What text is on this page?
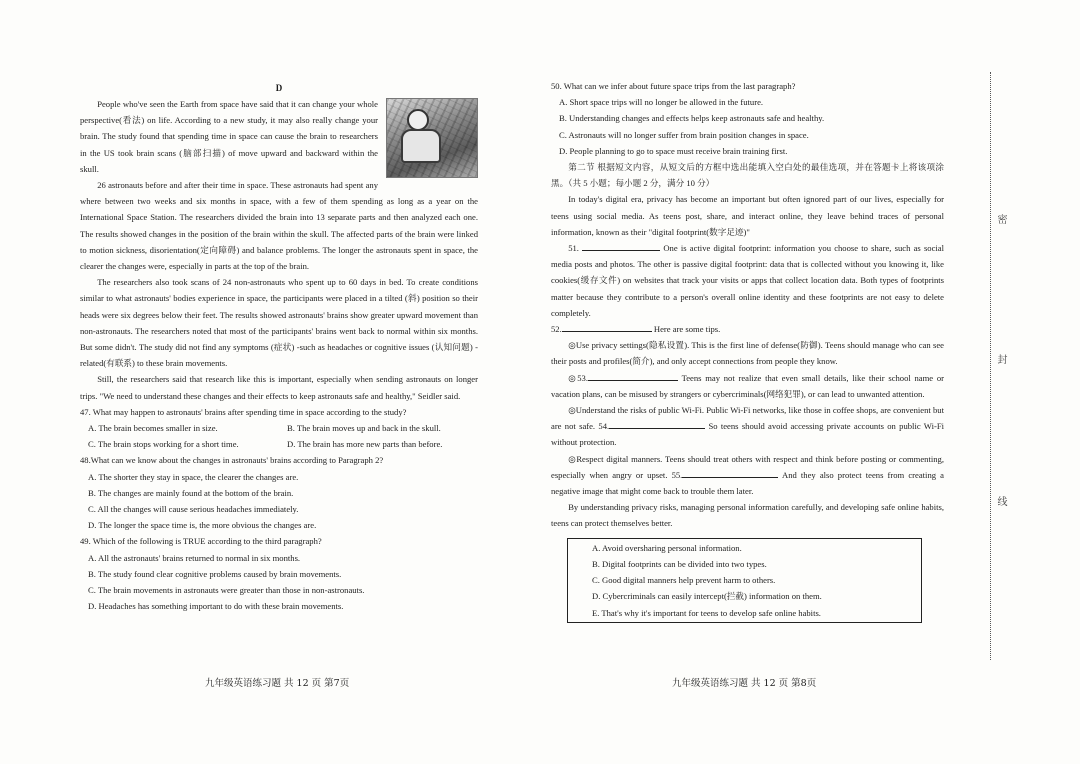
D

People who've seen the Earth from space have said that it can change your whole perspective(看法) on life. According to a new study, it may also really change your brain. The study found that spending time in space can cause the brain to researchers in the US took brain scans (脑部扫描) of move upward and backward within the skull.

26 astronauts before and after their time in space. These astronauts had spent any where between two weeks and six months in space, with a few of them spending as long as a year on the International Space Station. The researchers divided the brain into 13 separate parts and then analyzed each one. The results showed changes in the position of the brain within the skull. The affected parts of the brain were linked to motion sickness, disorientation(定向障碍) and balance problems. The longer the astronauts spent in space, the clearer the changes were, especially in parts at the top of the brain.

The researchers also took scans of 24 non-astronauts who spent up to 60 days in bed. To create conditions similar to what astronauts' bodies experience in space, the participants were placed in a tilted (斜) position so their heads were six degrees below their feet. The results showed astronauts' brains show greater upward movement than non-astronauts. The researchers noted that most of the participants' brains went back to normal within six months. But some didn't. The study did not find any symptoms (症状) -such as headaches or cognitive issues (认知问题) -related(有联系) to these brain movements.

Still, the researchers said that research like this is important, especially when sending astronauts on longer trips. "We need to understand these changes and their effects to keep astronauts safe and healthy," Seidler said.

47. What may happen to astronauts' brains after spending time in space according to the study?
A. The brain becomes smaller in size.	B. The brain moves up and back in the skull.
C. The brain stops working for a short time.	D. The brain has more new parts than before.
48.What can we know about the changes in astronauts' brains according to Paragraph 2?
A. The shorter they stay in space, the clearer the changes are.
B. The changes are mainly found at the bottom of the brain.
C. All the changes will cause serious headaches immediately.
D. The longer the space time is, the more obvious the changes are.
49. Which of the following is TRUE according to the third paragraph?
A. All the astronauts' brains returned to normal in six months.
B. The study found clear cognitive problems caused by brain movements.
C. The brain movements in astronauts were greater than those in non-astronauts.
D. Headaches has something important to do with these brain movements.
50. What can we infer about future space trips from the last paragraph?
A. Short space trips will no longer be allowed in the future.
B. Understanding changes and effects helps keep astronauts safe and healthy.
C. Astronauts will no longer suffer from brain position changes in space.
D. People planning to go to space must receive brain training first.

第二节 根据短文内容，从短文后的方框中选出能填入空白处的最佳选项，并在答题卡上将该项涂黑。（共 5 小题；每小题 2 分，满分 10 分）

In today's digital era, privacy has become an important but often ignored part of our lives, especially for teens using social media. As teens post, share, and interact online, they leave behind traces of personal information, known as their "digital footprint(数字足迹)"

51.	One is active digital footprint: information you choose to share, such as social media posts and photos. The other is passive digital footprint: data that is collected without you knowing it, like cookies(缓存文件) on websites that track your visits or apps that collect location data. Both types of footprints matter because they contribute to a person's overall online identity and these footprints are not easy to delete completely.

52.	Here are some tips.

◎Use privacy settings(隐私设置). This is the first line of defense(防御). Teens should manage who can see their posts and profiles(简介), and only accept connections from people they know.

◎53.	Teens may not realize that even small details, like their school name or vacation plans, can be misused by strangers or cybercriminals(网络犯罪), or can lead to unwanted attention.

◎Understand the risks of public Wi-Fi. Public Wi-Fi networks, like those in coffee shops, are convenient but are not safe. 54.	So teens should avoid accessing private accounts on public Wi-Fi without protection.

◎Respect digital manners. Teens should treat others with respect and think before posting or commenting, especially when angry or upset. 55.	And they also protect teens from creating a negative image that might come back to trouble them later.

By understanding privacy risks, managing personal information carefully, and developing safe online habits, teens can protect themselves better.

A. Avoid oversharing personal information.
B. Digital footprints can be divided into two types.
C. Good digital manners help prevent harm to others.
D. Cybercriminals can easily intercept(拦截) information on them.
E. That's why it's important for teens to develop safe online habits.
九年级英语练习题 共 12 页 第7页	九年级英语练习题 共 12 页 第8页
密
封
线
